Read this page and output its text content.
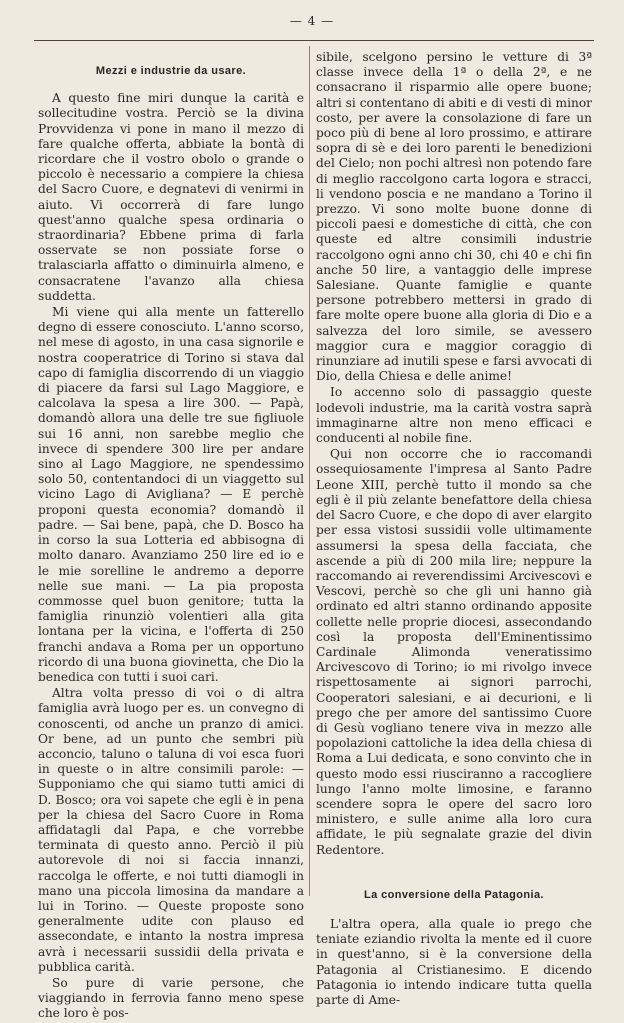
— 4 —
Mezzi e industrie da usare.

A questo fine miri dunque la carità e sollecitudine vostra. Perciò se la divina Provvidenza vi pone in mano il mezzo di fare qualche offerta, abbiate la bontà di ricordare che il vostro obolo o grande o piccolo è necessario a compiere la chiesa del Sacro Cuore, e degnatevi di venirmi in aiuto. Vi occorrerà di fare lungo quest'anno qualche spesa ordinaria o straordinaria? Ebbene prima di farla osservate se non possiate forse o tralasciarla affatto o diminuirla almeno, e consacratene l'avanzo alla chiesa suddetta.

Mi viene qui alla mente un fatterello degno di essere conosciuto. L'anno scorso, nel mese di agosto, in una casa signorile e nostra cooperatrice di Torino si stava dal capo di famiglia discorrendo di un viaggio di piacere da farsi sul Lago Maggiore, e calcolava la spesa a lire 300. — Papà, domandò allora una delle tre sue figliuole sui 16 anni, non sarebbe meglio che invece di spendere 300 lire per andare sino al Lago Maggiore, ne spendessimo solo 50, contentandoci di un viaggetto sul vicino Lago di Avigliana? — E perchè proponi questa economia? domandò il padre. — Sai bene, papà, che D. Bosco ha in corso la sua Lotteria ed abbisogna di molto danaro. Avanziamo 250 lire ed io e le mie sorelline le andremo a deporre nelle sue mani. — La pia proposta commosse quel buon genitore; tutta la famiglia rinunziò volentieri alla gita lontana per la vicina, e l'offerta di 250 franchi andava a Roma per un opportuno ricordo di una buona giovinetta, che Dio la benedica con tutti i suoi cari.

Altra volta presso di voi o di altra famiglia avrà luogo per es. un convegno di conoscenti, od anche un pranzo di amici. Or bene, ad un punto che sembri più acconcio, taluno o taluna di voi esca fuori in queste o in altre consimili parole: — Supponiamo che qui siamo tutti amici di D. Bosco; ora voi sapete che egli è in pena per la chiesa del Sacro Cuore in Roma affidatagli dal Papa, e che vorrebbe terminata di questo anno. Perciò il più autorevole di noi si faccia innanzi, raccolga le offerte, e noi tutti diamogli in mano una piccola limosina da mandare a lui in Torino. — Queste proposte sono generalmente udite con plauso ed assecondate, e intanto la nostra impresa avrà i necessarii sussidii della privata e pubblica carità.

So pure di varie persone, che viaggiando in ferrovia fanno meno spese che loro è pos-

sibile, scelgono persino le vetture di 3ª classe invece della 1ª o della 2ª, e ne consacrano il risparmio alle opere buone; altri si contentano di abiti e di vesti di minor costo, per avere la consolazione di fare un poco più di bene al loro prossimo, e attirare sopra di sè e dei loro parenti le benedizioni del Cielo; non pochi altresì non potendo fare di meglio raccolgono carta logora e stracci, li vendono poscia e ne mandano a Torino il prezzo. Vi sono molte buone donne di piccoli paesi e domestiche di città, che con queste ed altre consimili industrie raccolgono ogni anno chi 30, chi 40 e chi fin anche 50 lire, a vantaggio delle imprese Salesiane. Quante famiglie e quante persone potrebbero mettersi in grado di fare molte opere buone alla gloria di Dio e a salvezza del loro simile, se avessero maggior cura e maggior coraggio di rinunziare ad inutili spese e farsi avvocati di Dio, della Chiesa e delle anime!

Io accenno solo di passaggio queste lodevoli industrie, ma la carità vostra saprà immaginarne altre non meno efficaci e conducenti al nobile fine.

Qui non occorre che io raccomandi ossequiosamente l'impresa al Santo Padre Leone XIII, perchè tutto il mondo sa che egli è il più zelante benefattore della chiesa del Sacro Cuore, e che dopo di aver elargito per essa vistosi sussidii volle ultimamente assumersi la spesa della facciata, che ascende a più di 200 mila lire; neppure la raccomando ai reverendissimi Arcivescovi e Vescovi, perchè so che gli uni hanno già ordinato ed altri stanno ordinando apposite collette nelle proprie diocesi, assecondando così la proposta dell'Eminentissimo Cardinale Alimonda veneratissimo Arcivescovo di Torino; io mi rivolgo invece rispettosamente ai signori parrochi, Cooperatori salesiani, e ai decurioni, e li prego che per amore del santissimo Cuore di Gesù vogliano tenere viva in mezzo alle popolazioni cattoliche la idea della chiesa di Roma a Lui dedicata, e sono convinto che in questo modo essi riusciranno a raccogliere lungo l'anno molte limosine, e faranno scendere sopra le opere del sacro loro ministero, e sulle anime alla loro cura affidate, le più segnalate grazie del divin Redentore.

La conversione della Patagonia.

L'altra opera, alla quale io prego che teniate eziandio rivolta la mente ed il cuore in quest'anno, si è la conversione della Patagonia al Cristianesimo. E dicendo Patagonia io intendo indicare tutta quella parte di Ame-
